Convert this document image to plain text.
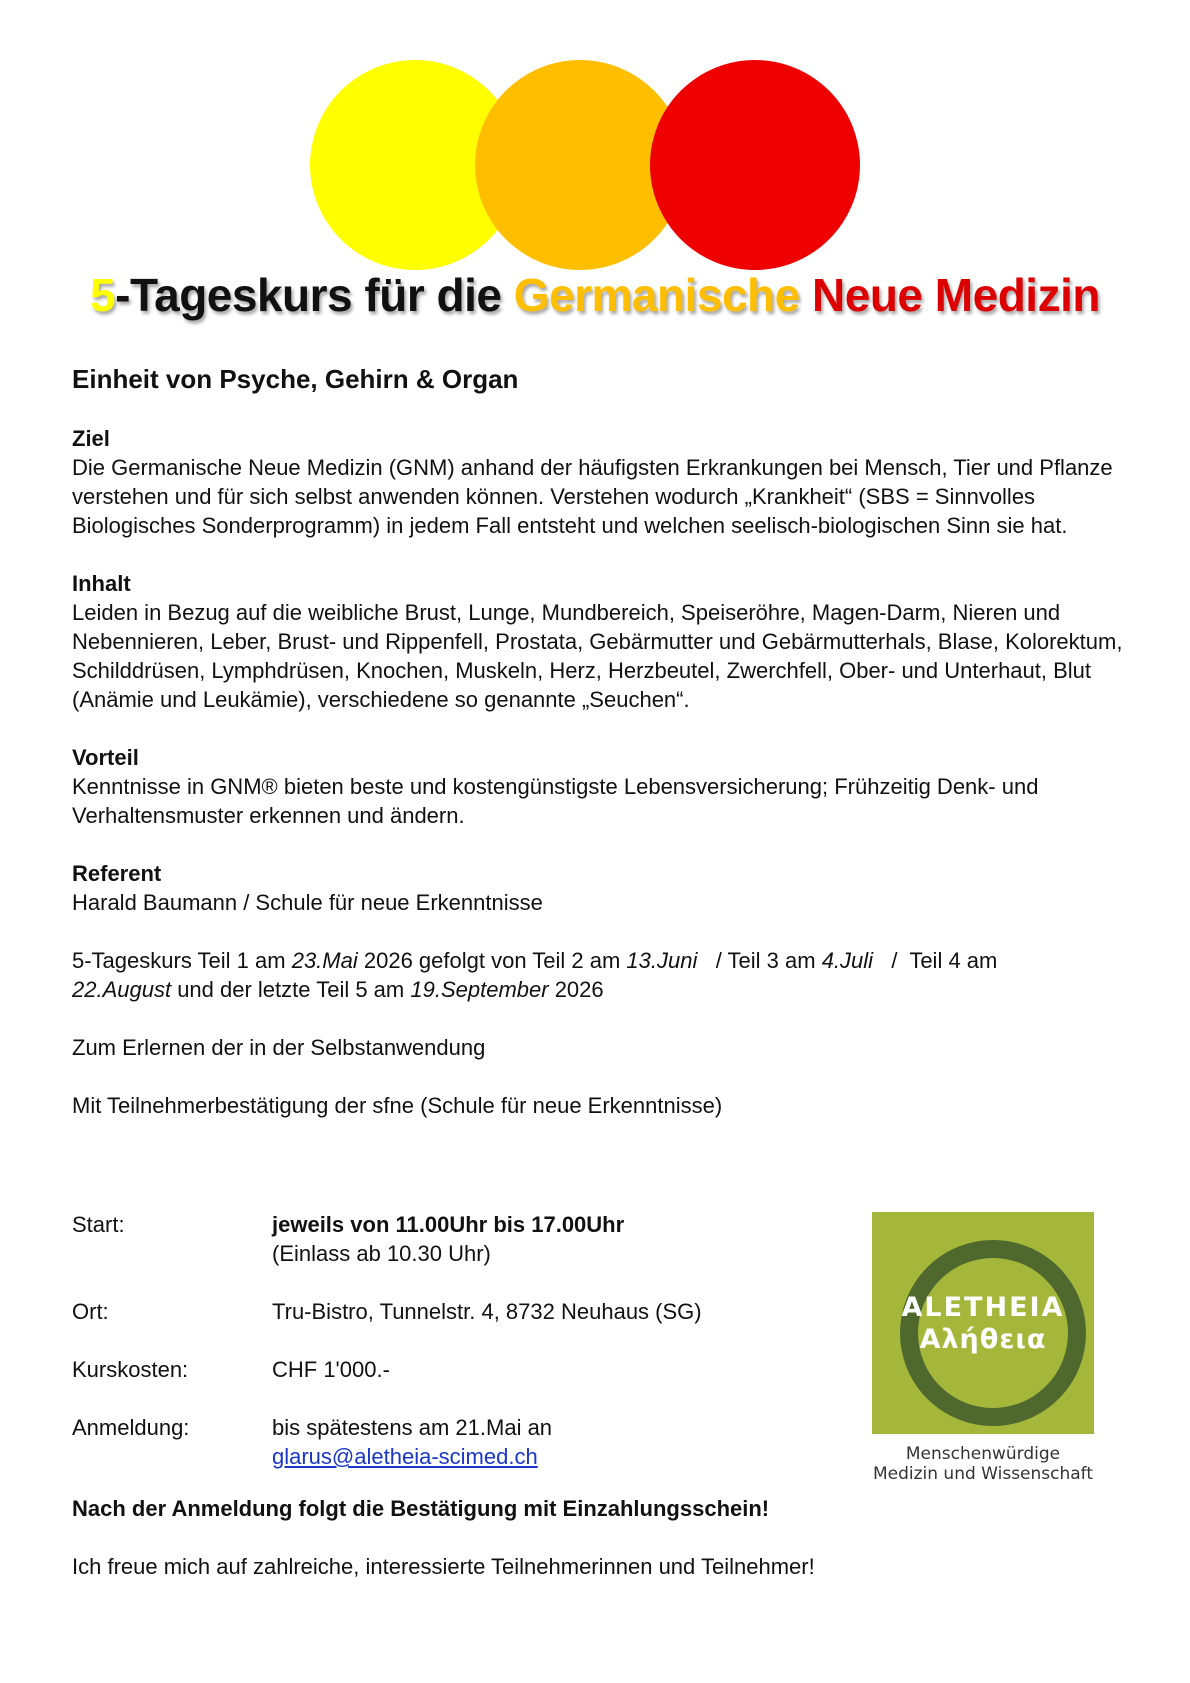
5-Tageskurs für die Germanische Neue Medizin
Einheit von Psyche, Gehirn & Organ
Ziel
Die Germanische Neue Medizin (GNM) anhand der häufigsten Erkrankungen bei Mensch, Tier und Pflanze verstehen und für sich selbst anwenden können. Verstehen wodurch „Krankheit“ (SBS = Sinnvolles Biologisches Sonderprogramm) in jedem Fall entsteht und welchen seelisch-biologischen Sinn sie hat.
Inhalt
Leiden in Bezug auf die weibliche Brust, Lunge, Mundbereich, Speiseröhre, Magen-Darm, Nieren und Nebennieren, Leber, Brust- und Rippenfell, Prostata, Gebärmutter und Gebärmutterhals, Blase, Kolorektum, Schilddrüsen, Lymphdrüsen, Knochen, Muskeln, Herz, Herzbeutel, Zwerchfell, Ober- und Unterhaut, Blut (Anämie und Leukämie), verschiedene so genannte „Seuchen“.
Vorteil
Kenntnisse in GNM® bieten beste und kostengünstigste Lebensversicherung; Frühzeitig Denk- und Verhaltensmuster erkennen und ändern.
Referent
Harald Baumann / Schule für neue Erkenntnisse
5-Tageskurs Teil 1 am 23.Mai 2026 gefolgt von Teil 2 am 13.Juni   / Teil 3 am 4.Juli   /  Teil 4 am
22.August und der letzte Teil 5 am 19.September 2026
Zum Erlernen der in der Selbstanwendung
Mit Teilnehmerbestätigung der sfne (Schule für neue Erkenntnisse)
Start:	jeweils von 11.00Uhr bis 17.00Uhr
(Einlass ab 10.30 Uhr)
Ort:	Tru-Bistro, Tunnelstr. 4, 8732 Neuhaus (SG)
Kurskosten:	CHF 1'000.-
Anmeldung:	bis spätestens am 21.Mai an
glarus@aletheia-scimed.ch
ALETHEIA
Αλήθεια
Menschenwürdige
Medizin und Wissenschaft
Nach der Anmeldung folgt die Bestätigung mit Einzahlungsschein!
Ich freue mich auf zahlreiche, interessierte Teilnehmerinnen und Teilnehmer!
